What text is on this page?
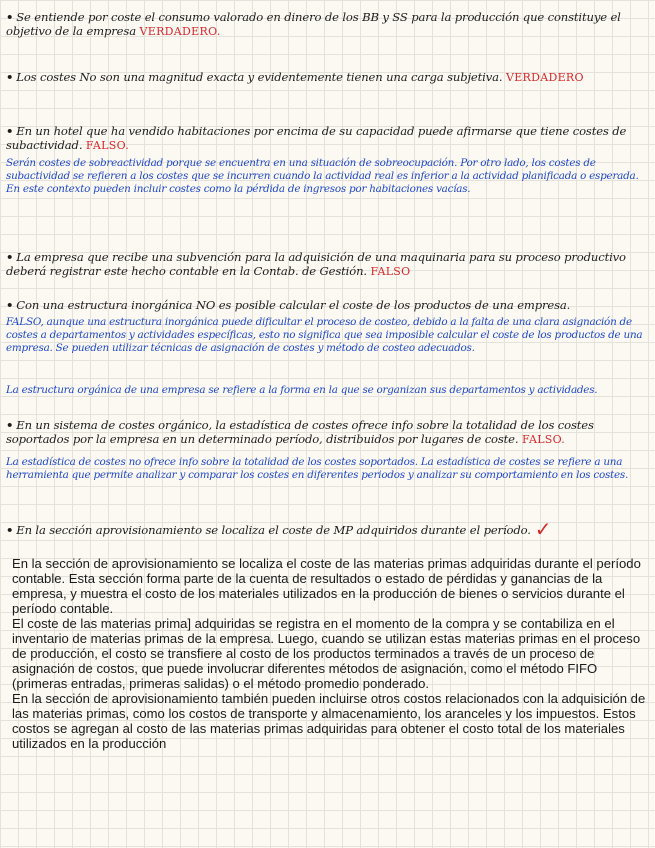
• Se entiende por coste el consumo valorado en dinero de los BB y SS para la producción que constituye el objetivo de la empresa VERDADERO.
• Los costes No son una magnitud exacta y evidentemente tienen una carga subjetiva. VERDADERO
• En un hotel que ha vendido habitaciones por encima de su capacidad puede afirmarse que tiene costes de subactividad. FALSO.
Serán costes de sobreactividad porque se encuentra en una situación de sobreocupación. Por otro lado, los costes de subactividad se refieren a los costes que se incurren cuando la actividad real es inferior a la actividad planificada o esperada. En este contexto pueden incluir costes como la pérdida de ingresos por habitaciones vacías.
• La empresa que recibe una subvención para la adquisición de una maquinaria para su proceso productivo deberá registrar este hecho contable en la Contab. de Gestión. FALSO
• Con una estructura inorgánica NO es posible calcular el coste de los productos de una empresa.
FALSO, aunque una estructura inorgánica puede dificultar el proceso de costeo, debido a la falta de una clara asignación de costes a departamentos y actividades específicas, esto no significa que sea imposible calcular el coste de los productos de una empresa. Se pueden utilizar técnicas de asignación de costes y método de costeo adecuados.
La estructura orgánica de una empresa se refiere a la forma en la que se organizan sus departamentos y actividades.
• En un sistema de costes orgánico, la estadística de costes ofrece info sobre la totalidad de los costes soportados por la empresa en un determinado período, distribuidos por lugares de coste. FALSO.
La estadística de costes no ofrece info sobre la totalidad de los costes soportados. La estadística de costes se refiere a una herramienta que permite analizar y comparar los costes en diferentes periodos y analizar su comportamiento en los costes.
• En la sección aprovisionamiento se localiza el coste de MP adquiridos durante el período. ✓

En la sección de aprovisionamiento se localiza el coste de las materias primas adquiridas durante el período contable. Esta sección forma parte de la cuenta de resultados o estado de pérdidas y ganancias de la empresa, y muestra el costo de los materiales utilizados en la producción de bienes o servicios durante el período contable.

El coste de las materias prima] adquiridas se registra en el momento de la compra y se contabiliza en el inventario de materias primas de la empresa. Luego, cuando se utilizan estas materias primas en el proceso de producción, el costo se transfiere al costo de los productos terminados a través de un proceso de asignación de costos, que puede involucrar diferentes métodos de asignación, como el método FIFO (primeras entradas, primeras salidas) o el método promedio ponderado.

En la sección de aprovisionamiento también pueden incluirse otros costos relacionados con la adquisición de las materias primas, como los costos de transporte y almacenamiento, los aranceles y los impuestos. Estos costos se agregan al costo de las materias primas adquiridas para obtener el costo total de los materiales utilizados en la producción
